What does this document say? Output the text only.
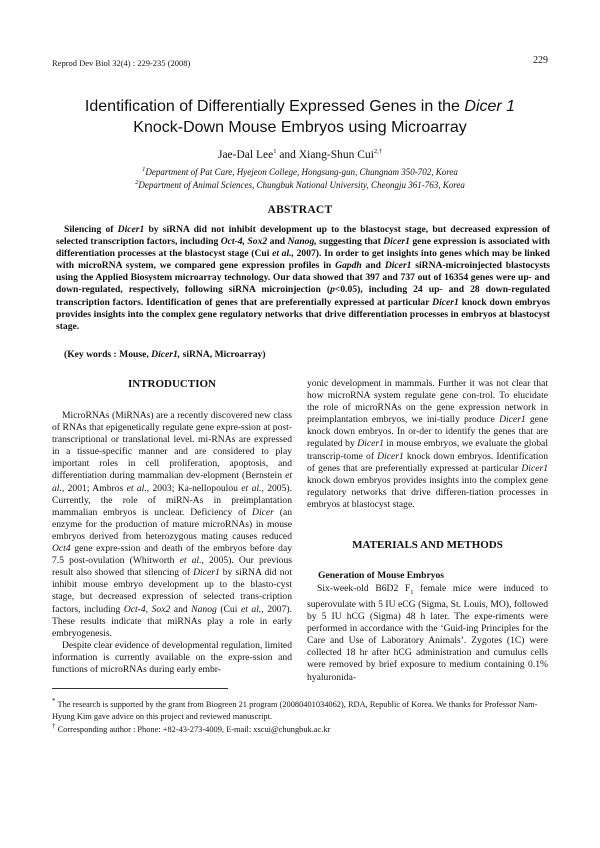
Reprod Dev Biol 32(4) : 229-235 (2008)	229
Identification of Differentially Expressed Genes in the Dicer 1
Knock-Down Mouse Embryos using Microarray
Jae-Dal Lee$^1$ and Xiang-Shun Cui$^{2,\dagger}$
$^1$Department of Pat Care, Hyejeon College, Hongsung-gun, Chungnam 350-702, Korea
$^2$Department of Animal Sciences, Chungbuk National University, Cheongju 361-763, Korea
ABSTRACT

Silencing of Dicer1 by siRNA did not inhibit development up to the blastocyst stage, but decreased expression of selected transcription factors, including Oct-4, Sox2 and Nanog, suggesting that Dicer1 gene expression is associated with differentiation processes at the blastocyst stage (Cui et al., 2007). In order to get insights into genes which may be linked with microRNA system, we compared gene expression profiles in Gapdh and Dicer1 siRNA-microinjected blastocysts using the Applied Biosystem microarray technology. Our data showed that 397 and 737 out of 16354 genes were up- and down-regulated, respectively, following siRNA microinjection (p<0.05), including 24 up- and 28 down-regulated transcription factors. Identification of genes that are preferentially expressed at particular Dicer1 knock down embryos provides insights into the complex gene regulatory networks that drive differentiation processes in embryos at blastocyst stage.

(Key words : Mouse, Dicer1, siRNA, Microarray)
INTRODUCTION

MicroRNAs (MiRNAs) are a recently discovered new class of RNAs that epigenetically regulate gene expre-ssion at post-transcriptional or translational level. mi-RNAs are expressed in a tissue-specific manner and are considered to play important roles in cell proliferation, apoptosis, and differentiation during mammalian dev-elopment (Bernstein et al., 2001; Ambros et al., 2003; Ka-nellopoulou et al., 2005). Currently, the role of miRN-As in preimplantation mammalian embryos is unclear. Deficiency of Dicer (an enzyme for the production of mature microRNAs) in mouse embryos derived from heterozygous mating causes reduced Oct4 gene expre-ssion and death of the embryos before day 7.5 post-ovulation (Whitworth et al., 2005). Our previous result also showed that silencing of Dicer1 by siRNA did not inhibit mouse embryo development up to the blasto-cyst stage, but decreased expression of selected trans-cription factors, including Oct-4, Sox2 and Nanog (Cui et al., 2007). These results indicate that miRNAs play a role in early embryogenesis.

Despite clear evidence of developmental regulation, limited information is currently available on the expre-ssion and functions of microRNAs during early embr-

yonic development in mammals. Further it was not clear that how microRNA system regulate gene con-trol. To elucidate the role of microRNAs on the gene expression network in preimplantation embryos, we ini-tially produce Dicer1 gene knock down embryos. In or-der to identify the genes that are regulated by Dicer1 in mouse embryos, we evaluate the global transcrip-tome of Dicer1 knock down embryos. Identification of genes that are preferentially expressed at particular Dicer1 knock down embryos provides insights into the complex gene regulatory networks that drive differen-tiation processes in embryos at blastocyst stage.

MATERIALS AND METHODS
Generation of Mouse Embryos

Six-week-old B6D2 $F_1$ female mice were induced to superovulate with 5 IU eCG (Sigma, St. Louis, MO), followed by 5 IU hCG (Sigma) 48 h later. The expe-riments were performed in accordance with the ‘Guid-ing Principles for the Care and Use of Laboratory Animals’. Zygotes (1C) were collected 18 hr after hCG administration and cumulus cells were removed by brief exposure to medium containing 0.1% hyaluronida-

* The research is supported by the grant from Biogreen 21 program (20080401034062), RDA, Republic of Korea. We thanks for Professor Nam-Hyung Kim gave advice on this project and reviewed manuscript.
† Corresponding author : Phone: +82-43-273-4009, E-mail: xscui@chungbuk.ac.kr
